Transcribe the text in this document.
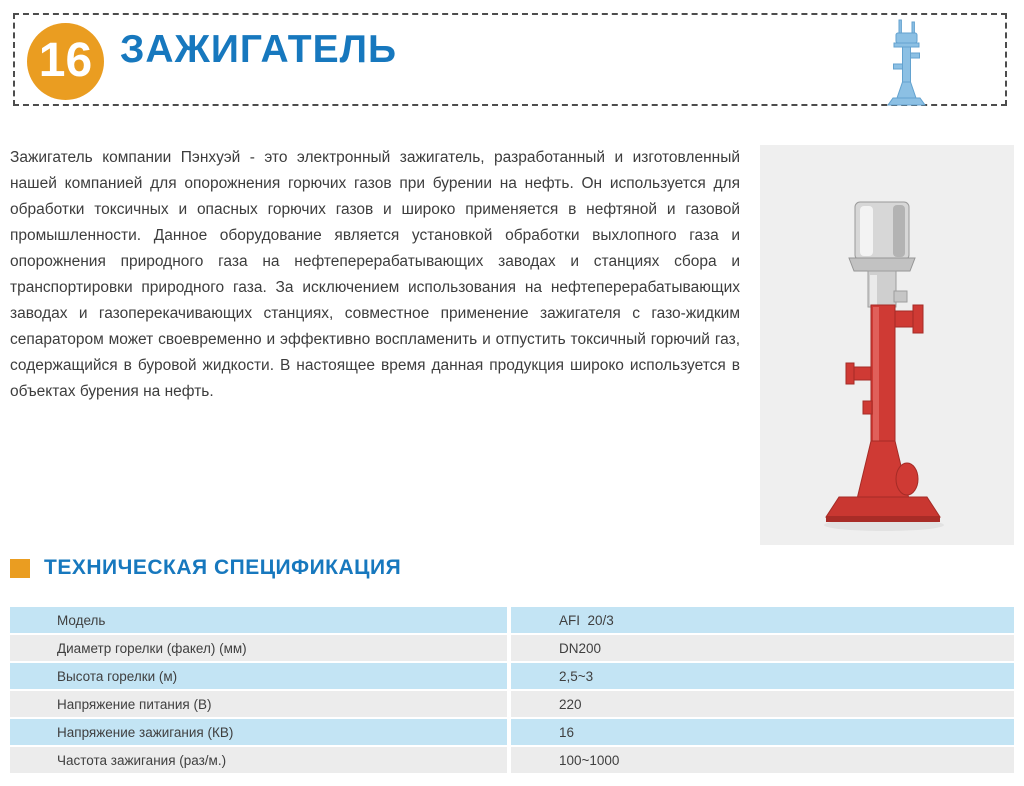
16 ЗАЖИГАТЕЛЬ

Зажигатель компании Пэнхуэй - это электронный зажигатель, разработанный и изготовленный нашей компанией для опорожнения горючих газов при бурении на нефть. Он используется для обработки токсичных и опасных горючих газов и широко применяется в нефтяной и газовой промышленности. Данное оборудование является установкой обработки выхлопного газа и опорожнения природного газа на нефтеперерабатывающих заводах и станциях сбора и транспортировки природного газа. За исключением использования на нефтеперерабатывающих заводах и газоперекачивающих станциях, совместное применение зажигателя с газо-жидким сепаратором может своевременно и эффективно воспламенить и отпустить токсичный горючий газ, содержащийся в буровой жидкости. В настоящее время данная продукция широко используется в объектах бурения на нефть.

ТЕХНИЧЕСКАЯ СПЕЦИФИКАЦИЯ
Модель	AFI  20/3
Диаметр горелки (факел) (мм)	DN200
Высота горелки (м)	2,5~3
Напряжение питания (В)	220
Напряжение зажигания (КВ)	16
Частота зажигания (раз/м.)	100~1000
